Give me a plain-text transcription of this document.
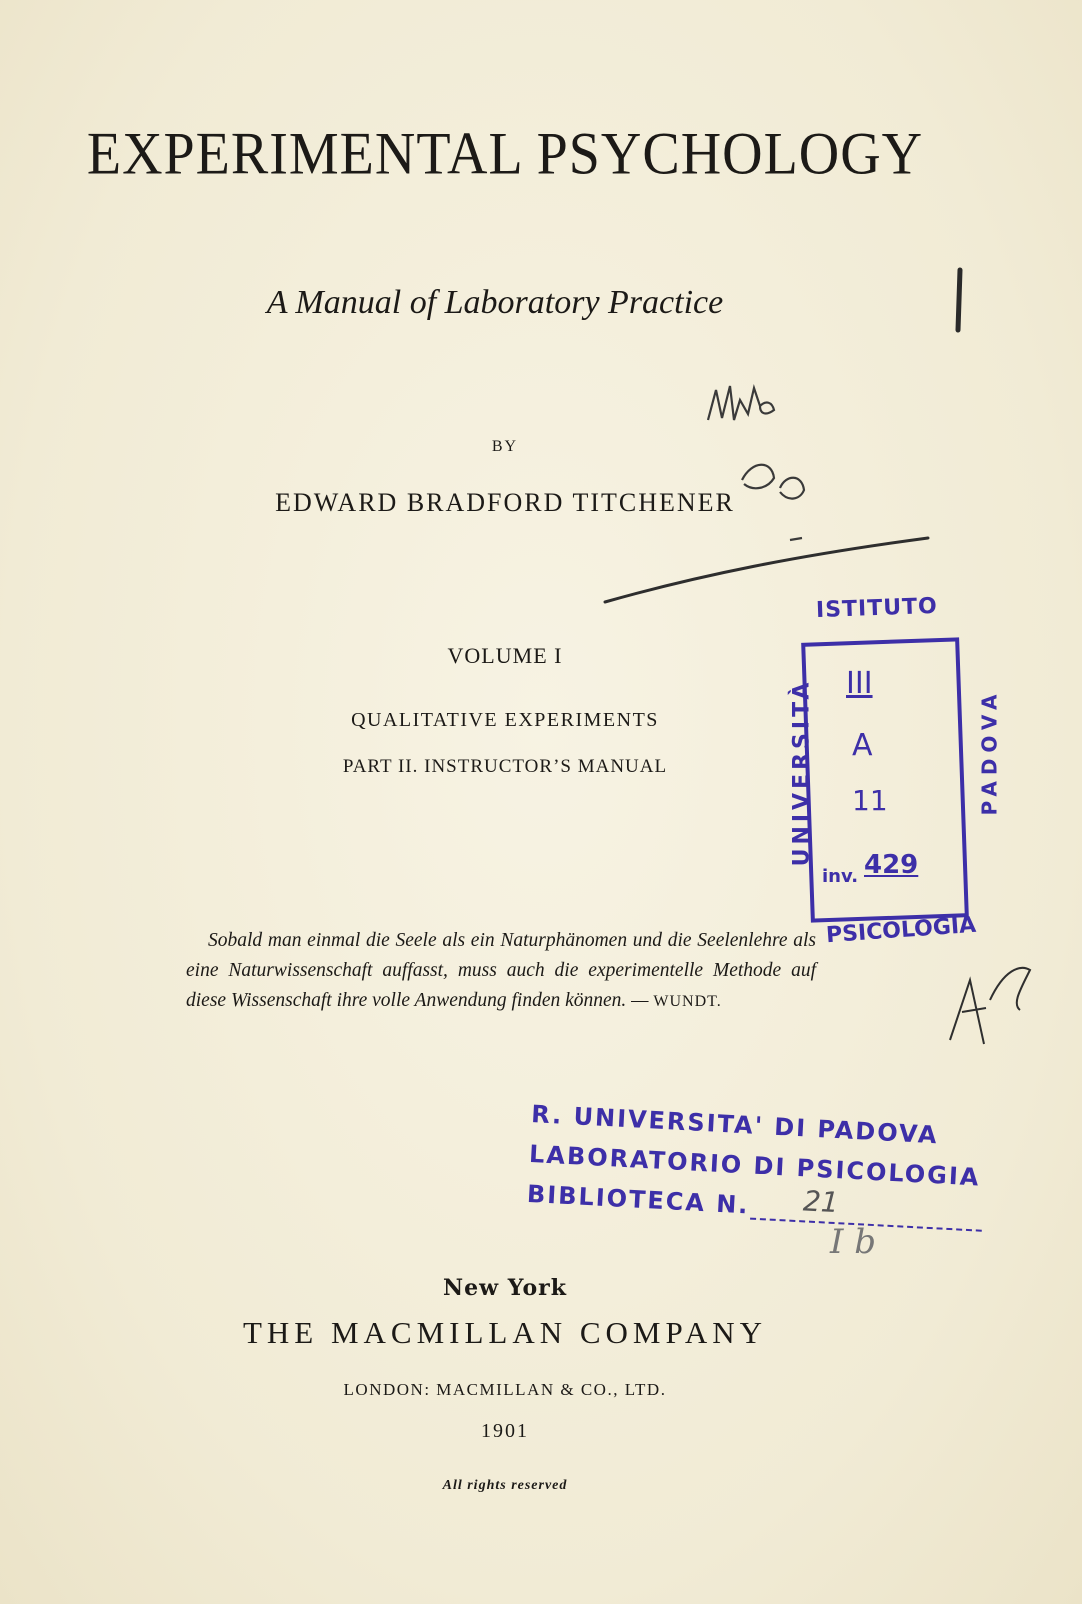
EXPERIMENTAL PSYCHOLOGY
A Manual of Laboratory Practice
BY
EDWARD BRADFORD TITCHENER
VOLUME I
QUALITATIVE EXPERIMENTS
PART II. INSTRUCTOR’S MANUAL
Sobald man einmal die Seele als ein Naturphänomen und die Seelenlehre als eine Naturwissenschaft auffasst, muss auch die experimentelle Methode auf diese Wissenschaft ihre volle Anwendung finden können. — WUNDT.
New York
THE MACMILLAN COMPANY
LONDON: MACMILLAN & CO., LTD.
1901
All rights reserved
ISTITUTO
UNIVERSITÀ	PADOVA
III
A
11
inv. 429
PSICOLOGIA
R. UNIVERSITA' DI PADOVA
LABORATORIO DI PSICOLOGIA
BIBLIOTECA N. 21
I b
